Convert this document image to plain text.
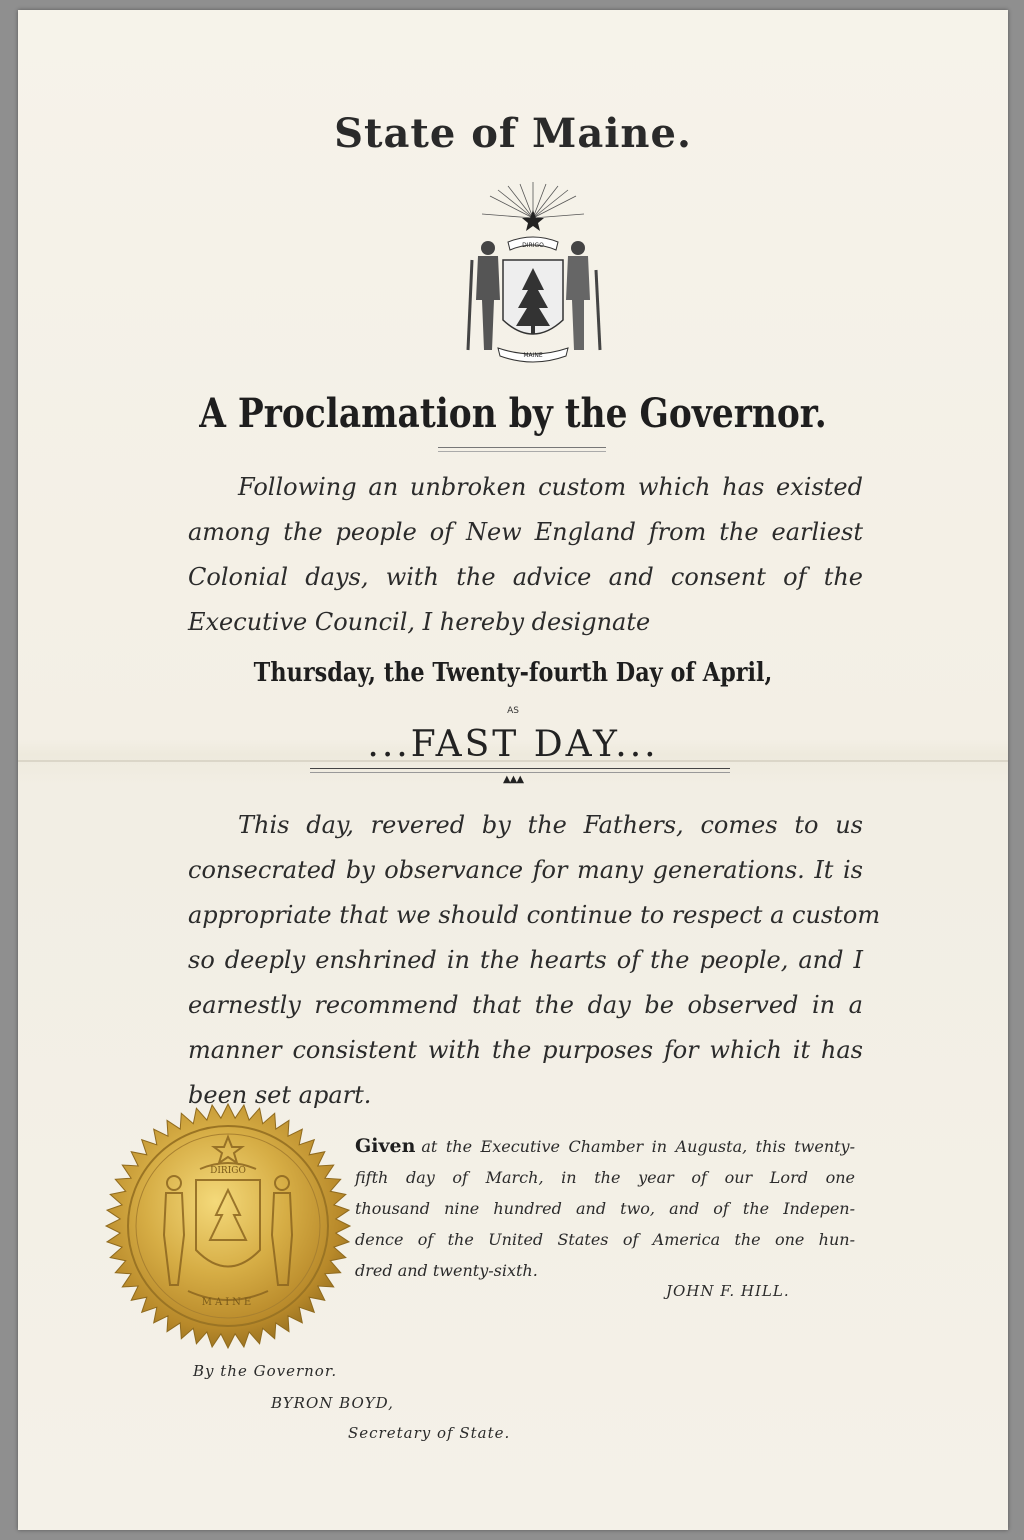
State of Maine.
DIRIGO
MAINE
A Proclamation by the Governor.
Following an unbroken custom which has existed
among the people of New England from the earliest
Colonial days, with the advice and consent of the
Executive Council, I hereby designate
Thursday, the Twenty-fourth Day of April,
AS
...FAST DAY...
▲▲▲
This day, revered by the Fathers, comes to us
consecrated by observance for many generations. It is
appropriate that we should continue to respect a custom
so deeply enshrined in the hearts of the people, and I
earnestly recommend that the day be observed in a
manner consistent with the purposes for which it has
been set apart.
DIRIGO
MAINE
Given at the Executive Chamber in Augusta, this twenty-
fifth day of March, in the year of our Lord one
thousand nine hundred and two, and of the Indepen-
dence of the United States of America the one hun-
dred and twenty-sixth.
JOHN F. HILL.
By the Governor.
BYRON BOYD,
Secretary of State.
